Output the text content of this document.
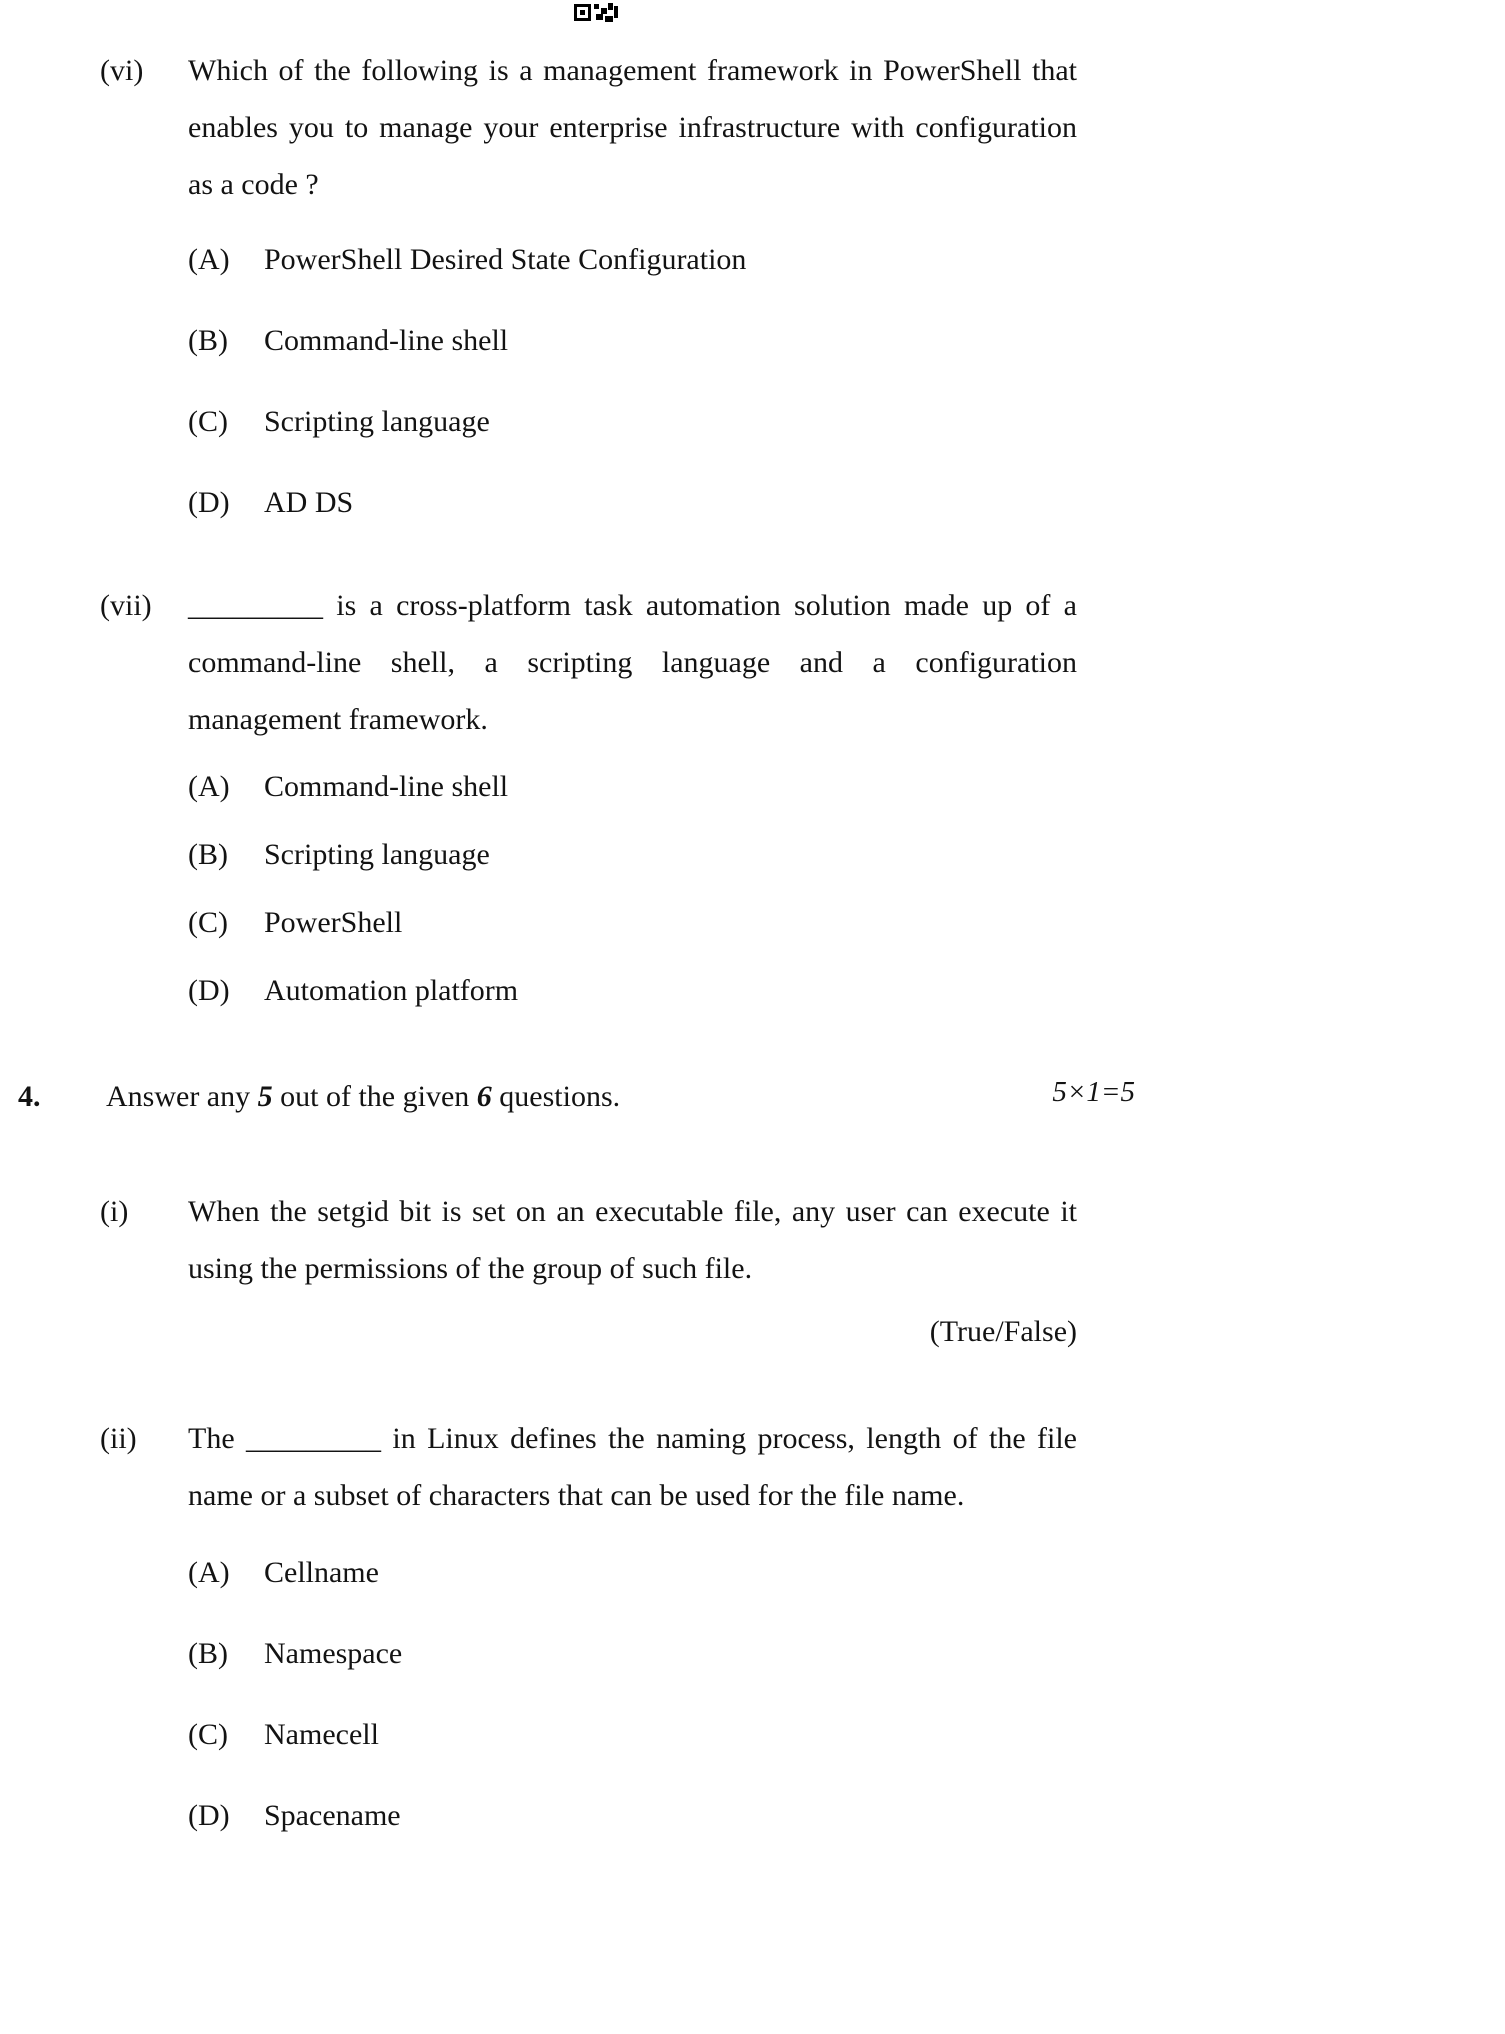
(vi)	Which of the following is a management framework in PowerShell that enables you to manage your enterprise infrastructure with configuration as a code ?

(A)	PowerShell Desired State Configuration
(B)	Command-line shell
(C)	Scripting language
(D)	AD DS
(vii)	_________ is a cross-platform task automation solution made up of a command-line shell, a scripting language and a configuration management framework.

(A)	Command-line shell
(B)	Scripting language
(C)	PowerShell
(D)	Automation platform
4. Answer any 5 out of the given 6 questions.	5×1=5
(i)	When the setgid bit is set on an executable file, any user can execute it using the permissions of the group of such file.

(True/False)
(ii)	The _________ in Linux defines the naming process, length of the file name or a subset of characters that can be used for the file name.

(A)	Cellname
(B)	Namespace
(C)	Namecell
(D)	Spacename
